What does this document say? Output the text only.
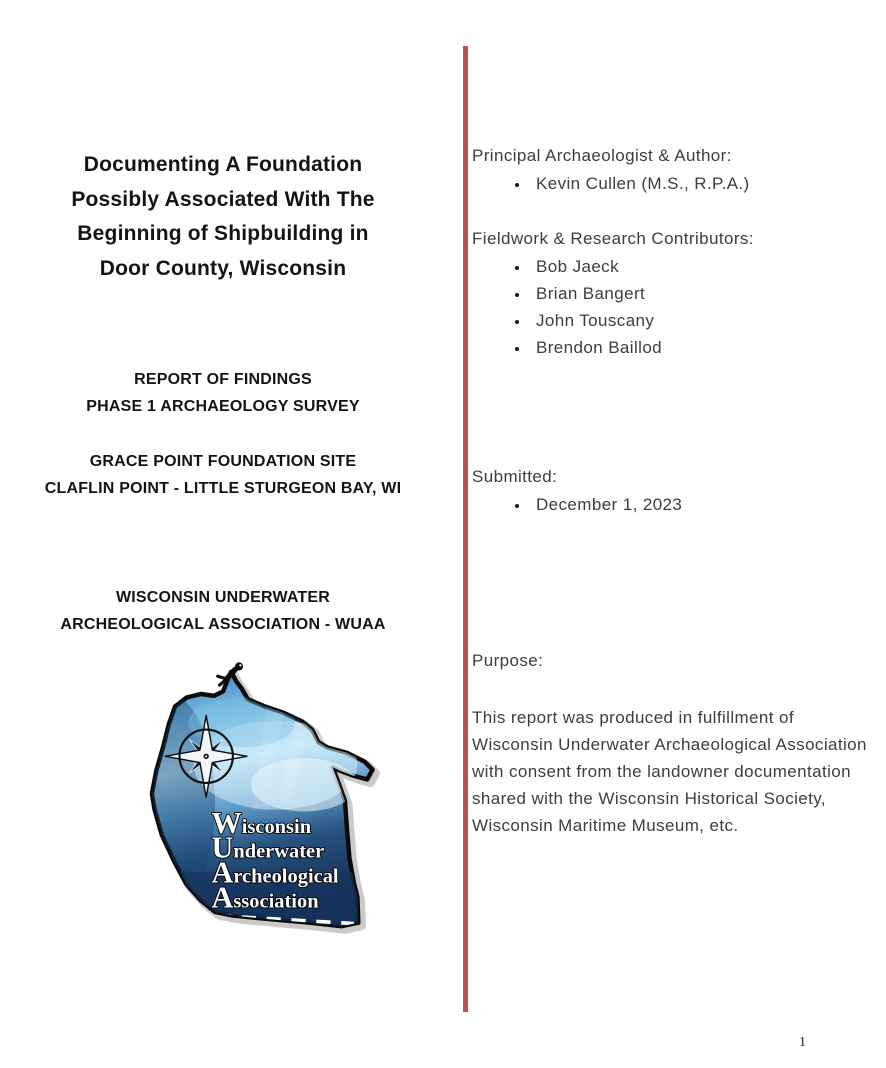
Documenting A Foundation
Possibly Associated With The
Beginning of Shipbuilding in
Door County, Wisconsin
REPORT OF FINDINGS
PHASE 1 ARCHAEOLOGY SURVEY
GRACE POINT FOUNDATION SITE
CLAFLIN POINT - LITTLE STURGEON BAY, WI
WISCONSIN UNDERWATER
ARCHEOLOGICAL ASSOCIATION - WUAA
Wisconsin
Underwater
Archeological
Association
Principal Archaeologist & Author:
• Kevin Cullen (M.S., R.P.A.)
Fieldwork & Research Contributors:
• Bob Jaeck
• Brian Bangert
• John Touscany
• Brendon Baillod
Submitted:
• December 1, 2023
Purpose:
This report was produced in fulfillment of Wisconsin Underwater Archaeological Association with consent from the landowner documentation shared with the Wisconsin Historical Society, Wisconsin Maritime Museum, etc.
1
